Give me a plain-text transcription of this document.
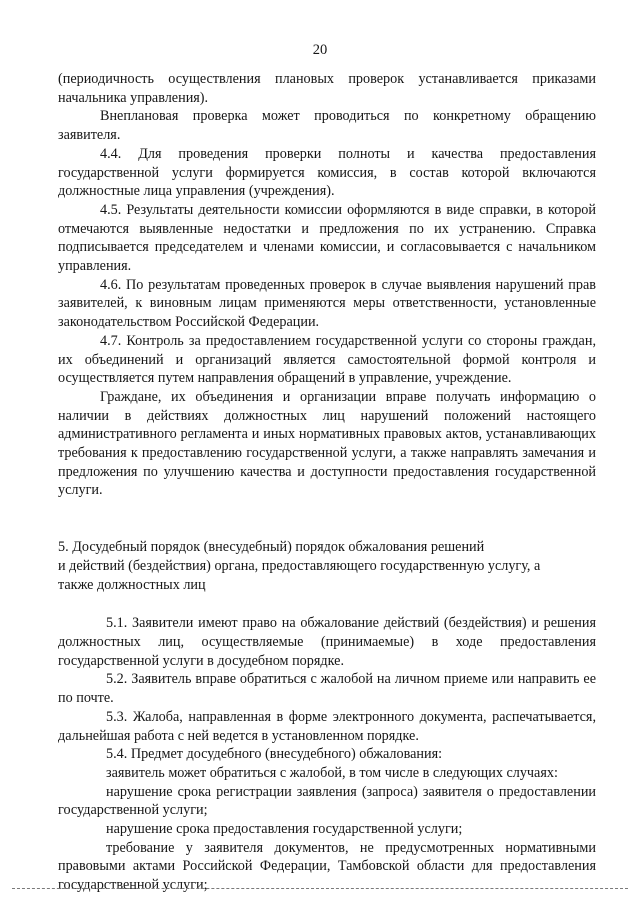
20

(периодичность осуществления плановых проверок устанавливается приказами начальника управления).

Внеплановая проверка может проводиться по конкретному обращению заявителя.

4.4. Для проведения проверки полноты и качества предоставления государственной услуги формируется комиссия, в состав которой включаются должностные лица управления (учреждения).

4.5. Результаты деятельности комиссии оформляются в виде справки, в которой отмечаются выявленные недостатки и предложения по их устранению. Справка подписывается председателем и членами комиссии, и согласовывается с начальником управления.

4.6. По результатам проведенных проверок в случае выявления нарушений прав заявителей, к виновным лицам применяются меры ответственности, установленные законодательством Российской Федерации.

4.7. Контроль за предоставлением государственной услуги со стороны граждан, их объединений и организаций является самостоятельной формой контроля и осуществляется путем направления обращений в управление, учреждение.

Граждане, их объединения и организации вправе получать информацию о наличии в действиях должностных лиц нарушений положений настоящего административного регламента и иных нормативных правовых актов, устанавливающих требования к предоставлению государственной услуги, а также направлять замечания и предложения по улучшению качества и доступности предоставления государственной услуги.

5. Досудебный порядок (внесудебный) порядок обжалования решений

и действий (бездействия) органа, предоставляющего государственную услугу, а

также должностных лиц

5.1. Заявители имеют право на обжалование действий (бездействия) и решения должностных лиц, осуществляемые (принимаемые) в ходе предоставления государственной услуги в досудебном порядке.

5.2. Заявитель вправе обратиться с жалобой на личном приеме или направить ее по почте.

5.3. Жалоба, направленная в форме электронного документа, распечатывается, дальнейшая работа с ней ведется в установленном порядке.

5.4. Предмет досудебного (внесудебного) обжалования:

заявитель может обратиться с жалобой, в том числе в следующих случаях:

нарушение срока регистрации заявления (запроса) заявителя о предоставлении государственной услуги;

нарушение срока предоставления государственной услуги;

требование у заявителя документов, не предусмотренных нормативными правовыми актами Российской Федерации, Тамбовской области для предоставления государственной услуги;
